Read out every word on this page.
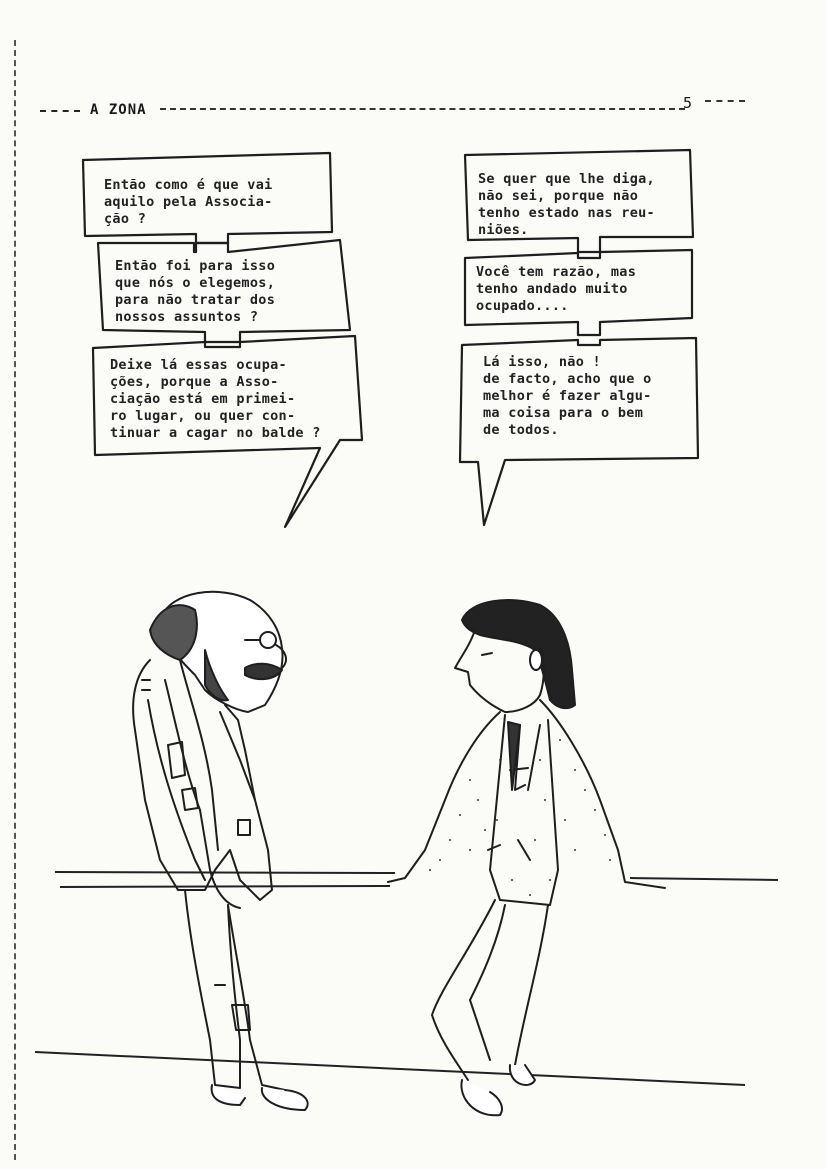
A ZONA	5
Então como é que vai
aquilo pela Associa-
ção ?
Então foi para isso
que nós o elegemos,
para não tratar dos
nossos assuntos ?
Deixe lá essas ocupa-
ções, porque a Asso-
ciação está em primei-
ro lugar, ou quer con-
tinuar a cagar no balde ?
Se quer que lhe diga,
não sei, porque não
tenho estado nas reu-
niões.
Você tem razão, mas
tenho andado muito
ocupado....
Lá isso, não !
de facto, acho que o
melhor é fazer algu-
ma coisa para o bem
de todos.
